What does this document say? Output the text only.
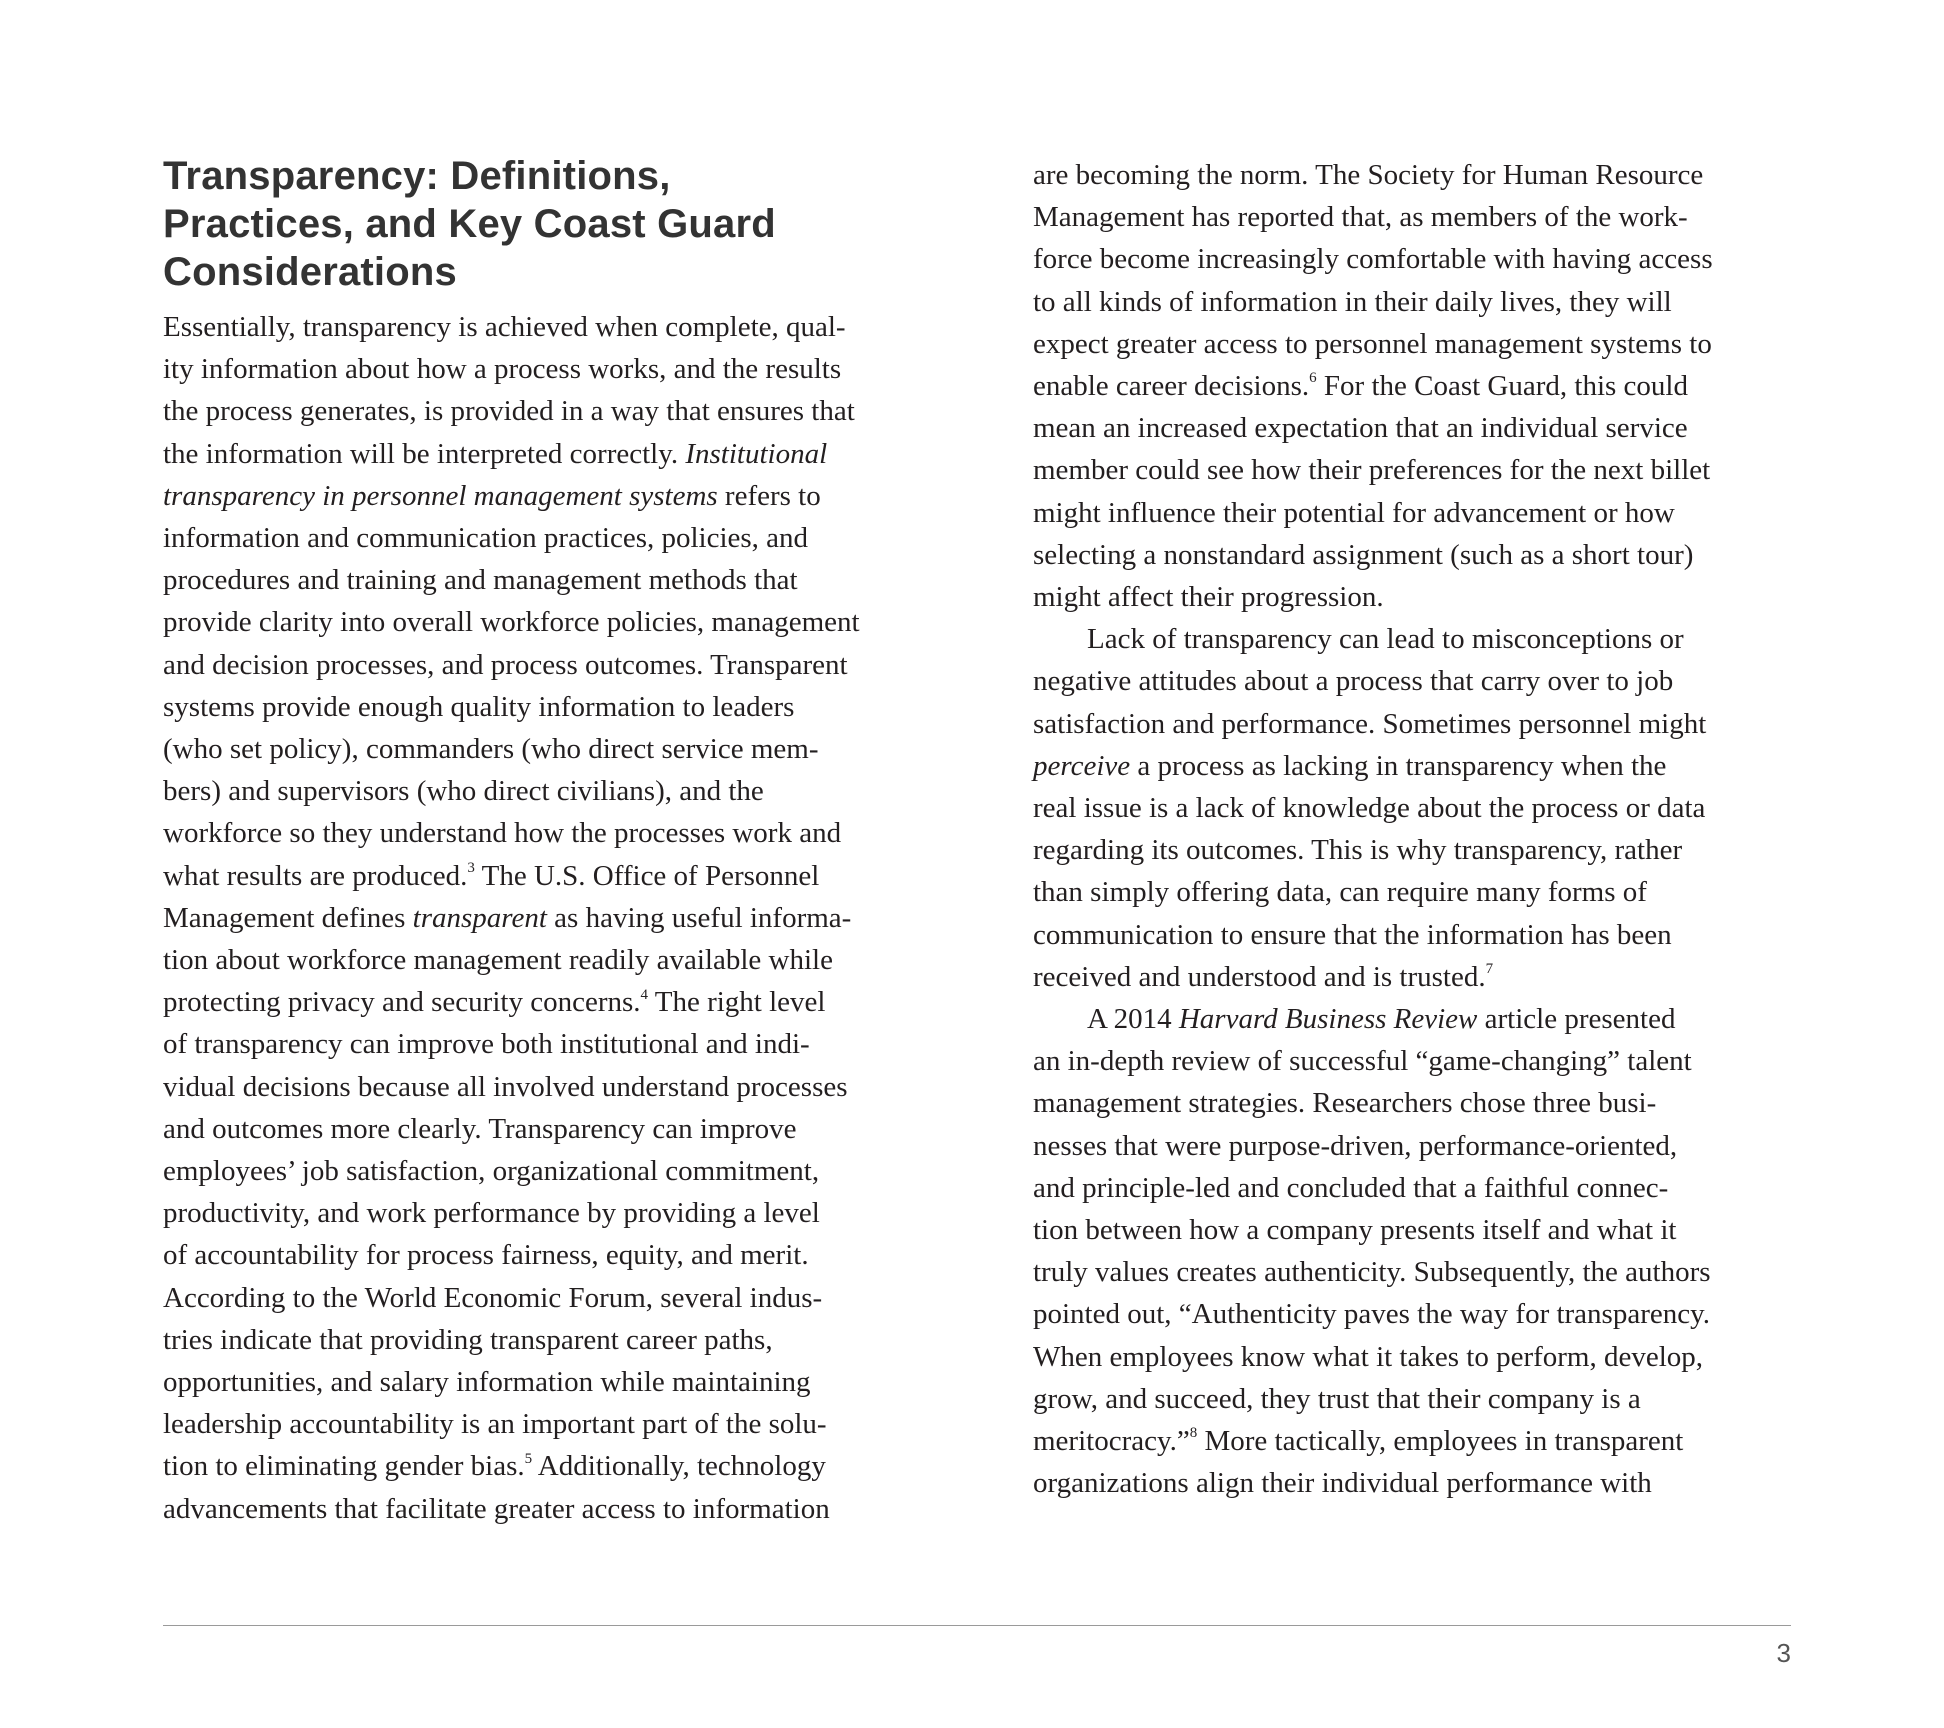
Transparency: Definitions,
Practices, and Key Coast Guard
Considerations
Essentially, transparency is achieved when complete, qual-
ity information about how a process works, and the results
the process generates, is provided in a way that ensures that
the information will be interpreted correctly. Institutional
transparency in personnel management systems refers to
information and communication practices, policies, and
procedures and training and management methods that
provide clarity into overall workforce policies, management
and decision processes, and process outcomes. Transparent
systems provide enough quality information to leaders
(who set policy), commanders (who direct service mem-
bers) and supervisors (who direct civilians), and the
workforce so they understand how the processes work and
what results are produced.$^3$ The U.S. Office of Personnel
Management defines transparent as having useful informa-
tion about workforce management readily available while
protecting privacy and security concerns.$^4$ The right level
of transparency can improve both institutional and indi-
vidual decisions because all involved understand processes
and outcomes more clearly. Transparency can improve
employees’ job satisfaction, organizational commitment,
productivity, and work performance by providing a level
of accountability for process fairness, equity, and merit.
According to the World Economic Forum, several indus-
tries indicate that providing transparent career paths,
opportunities, and salary information while maintaining
leadership accountability is an important part of the solu-
tion to eliminating gender bias.$^5$ Additionally, technology
advancements that facilitate greater access to information
are becoming the norm. The Society for Human Resource
Management has reported that, as members of the work-
force become increasingly comfortable with having access
to all kinds of information in their daily lives, they will
expect greater access to personnel management systems to
enable career decisions.$^6$ For the Coast Guard, this could
mean an increased expectation that an individual service
member could see how their preferences for the next billet
might influence their potential for advancement or how
selecting a nonstandard assignment (such as a short tour)
might affect their progression.
Lack of transparency can lead to misconceptions or
negative attitudes about a process that carry over to job
satisfaction and performance. Sometimes personnel might
perceive a process as lacking in transparency when the
real issue is a lack of knowledge about the process or data
regarding its outcomes. This is why transparency, rather
than simply offering data, can require many forms of
communication to ensure that the information has been
received and understood and is trusted.$^7$
A 2014 Harvard Business Review article presented
an in-depth review of successful “game-changing” talent
management strategies. Researchers chose three busi-
nesses that were purpose-driven, performance-oriented,
and principle-led and concluded that a faithful connec-
tion between how a company presents itself and what it
truly values creates authenticity. Subsequently, the authors
pointed out, “Authenticity paves the way for transparency.
When employees know what it takes to perform, develop,
grow, and succeed, they trust that their company is a
meritocracy.”$^8$ More tactically, employees in transparent
organizations align their individual performance with
3
